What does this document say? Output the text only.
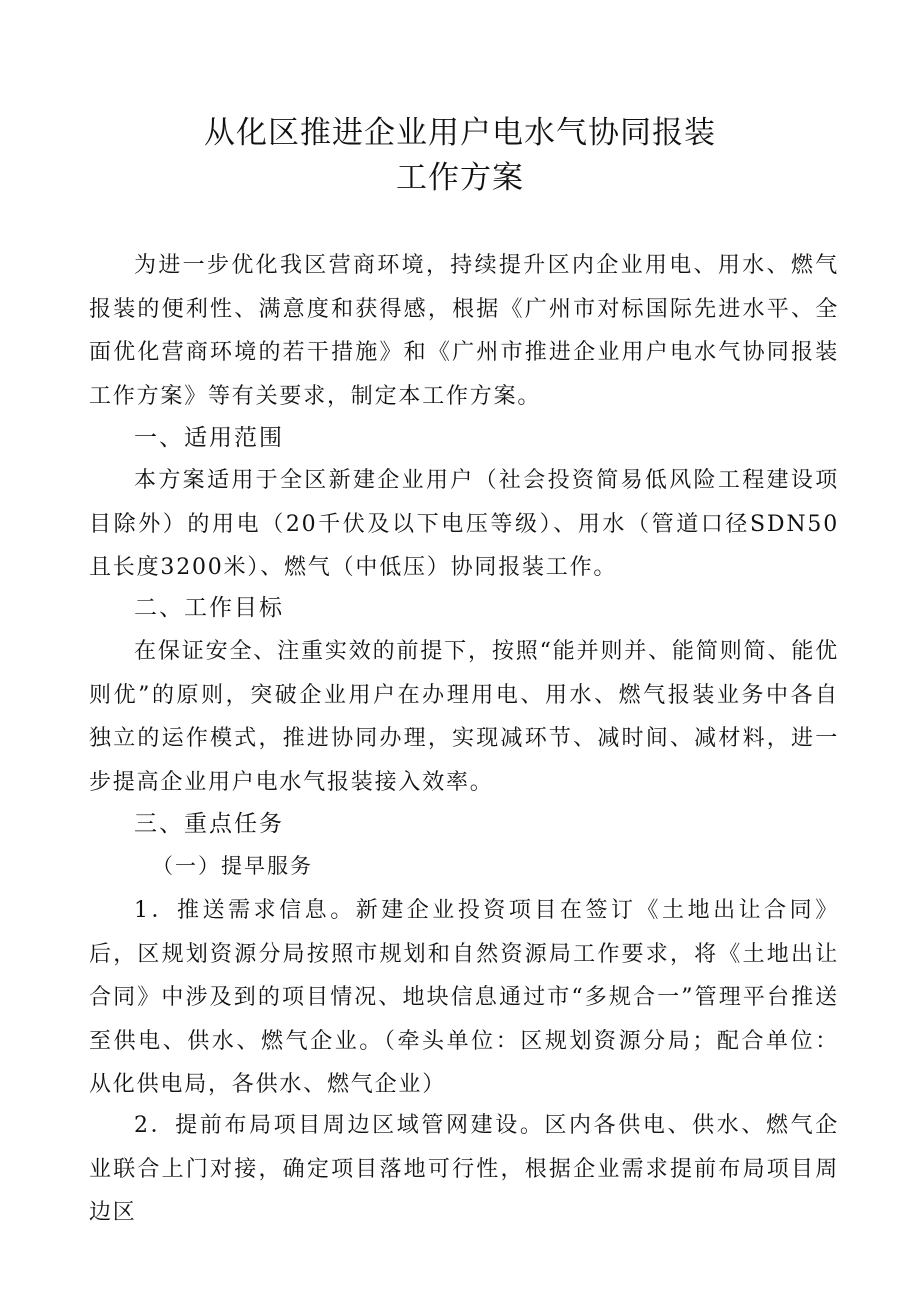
从化区推进企业用户电水气协同报装
工作方案

为进一步优化我区营商环境，持续提升区内企业用电、用水、燃气报装的便利性、满意度和获得感，根据《广州市对标国际先进水平、全面优化营商环境的若干措施》和《广州市推进企业用户电水气协同报装工作方案》等有关要求，制定本工作方案。

一、适用范围

本方案适用于全区新建企业用户（社会投资简易低风险工程建设项目除外）的用电（20千伏及以下电压等级）、用水（管道口径SDN50且长度3200米）、燃气（中低压）协同报装工作。

二、工作目标

在保证安全、注重实效的前提下，按照“能并则并、能简则简、能优则优”的原则，突破企业用户在办理用电、用水、燃气报装业务中各自独立的运作模式，推进协同办理，实现减环节、减时间、减材料，进一步提高企业用户电水气报装接入效率。

三、重点任务
（一）提早服务

1．推送需求信息。新建企业投资项目在签订《土地出让合同》后，区规划资源分局按照市规划和自然资源局工作要求，将《土地出让合同》中涉及到的项目情况、地块信息通过市“多规合一”管理平台推送至供电、供水、燃气企业。（牵头单位：区规划资源分局；配合单位：从化供电局，各供水、燃气企业）

2．提前布局项目周边区域管网建设。区内各供电、供水、燃气企业联合上门对接，确定项目落地可行性，根据企业需求提前布局项目周边区
